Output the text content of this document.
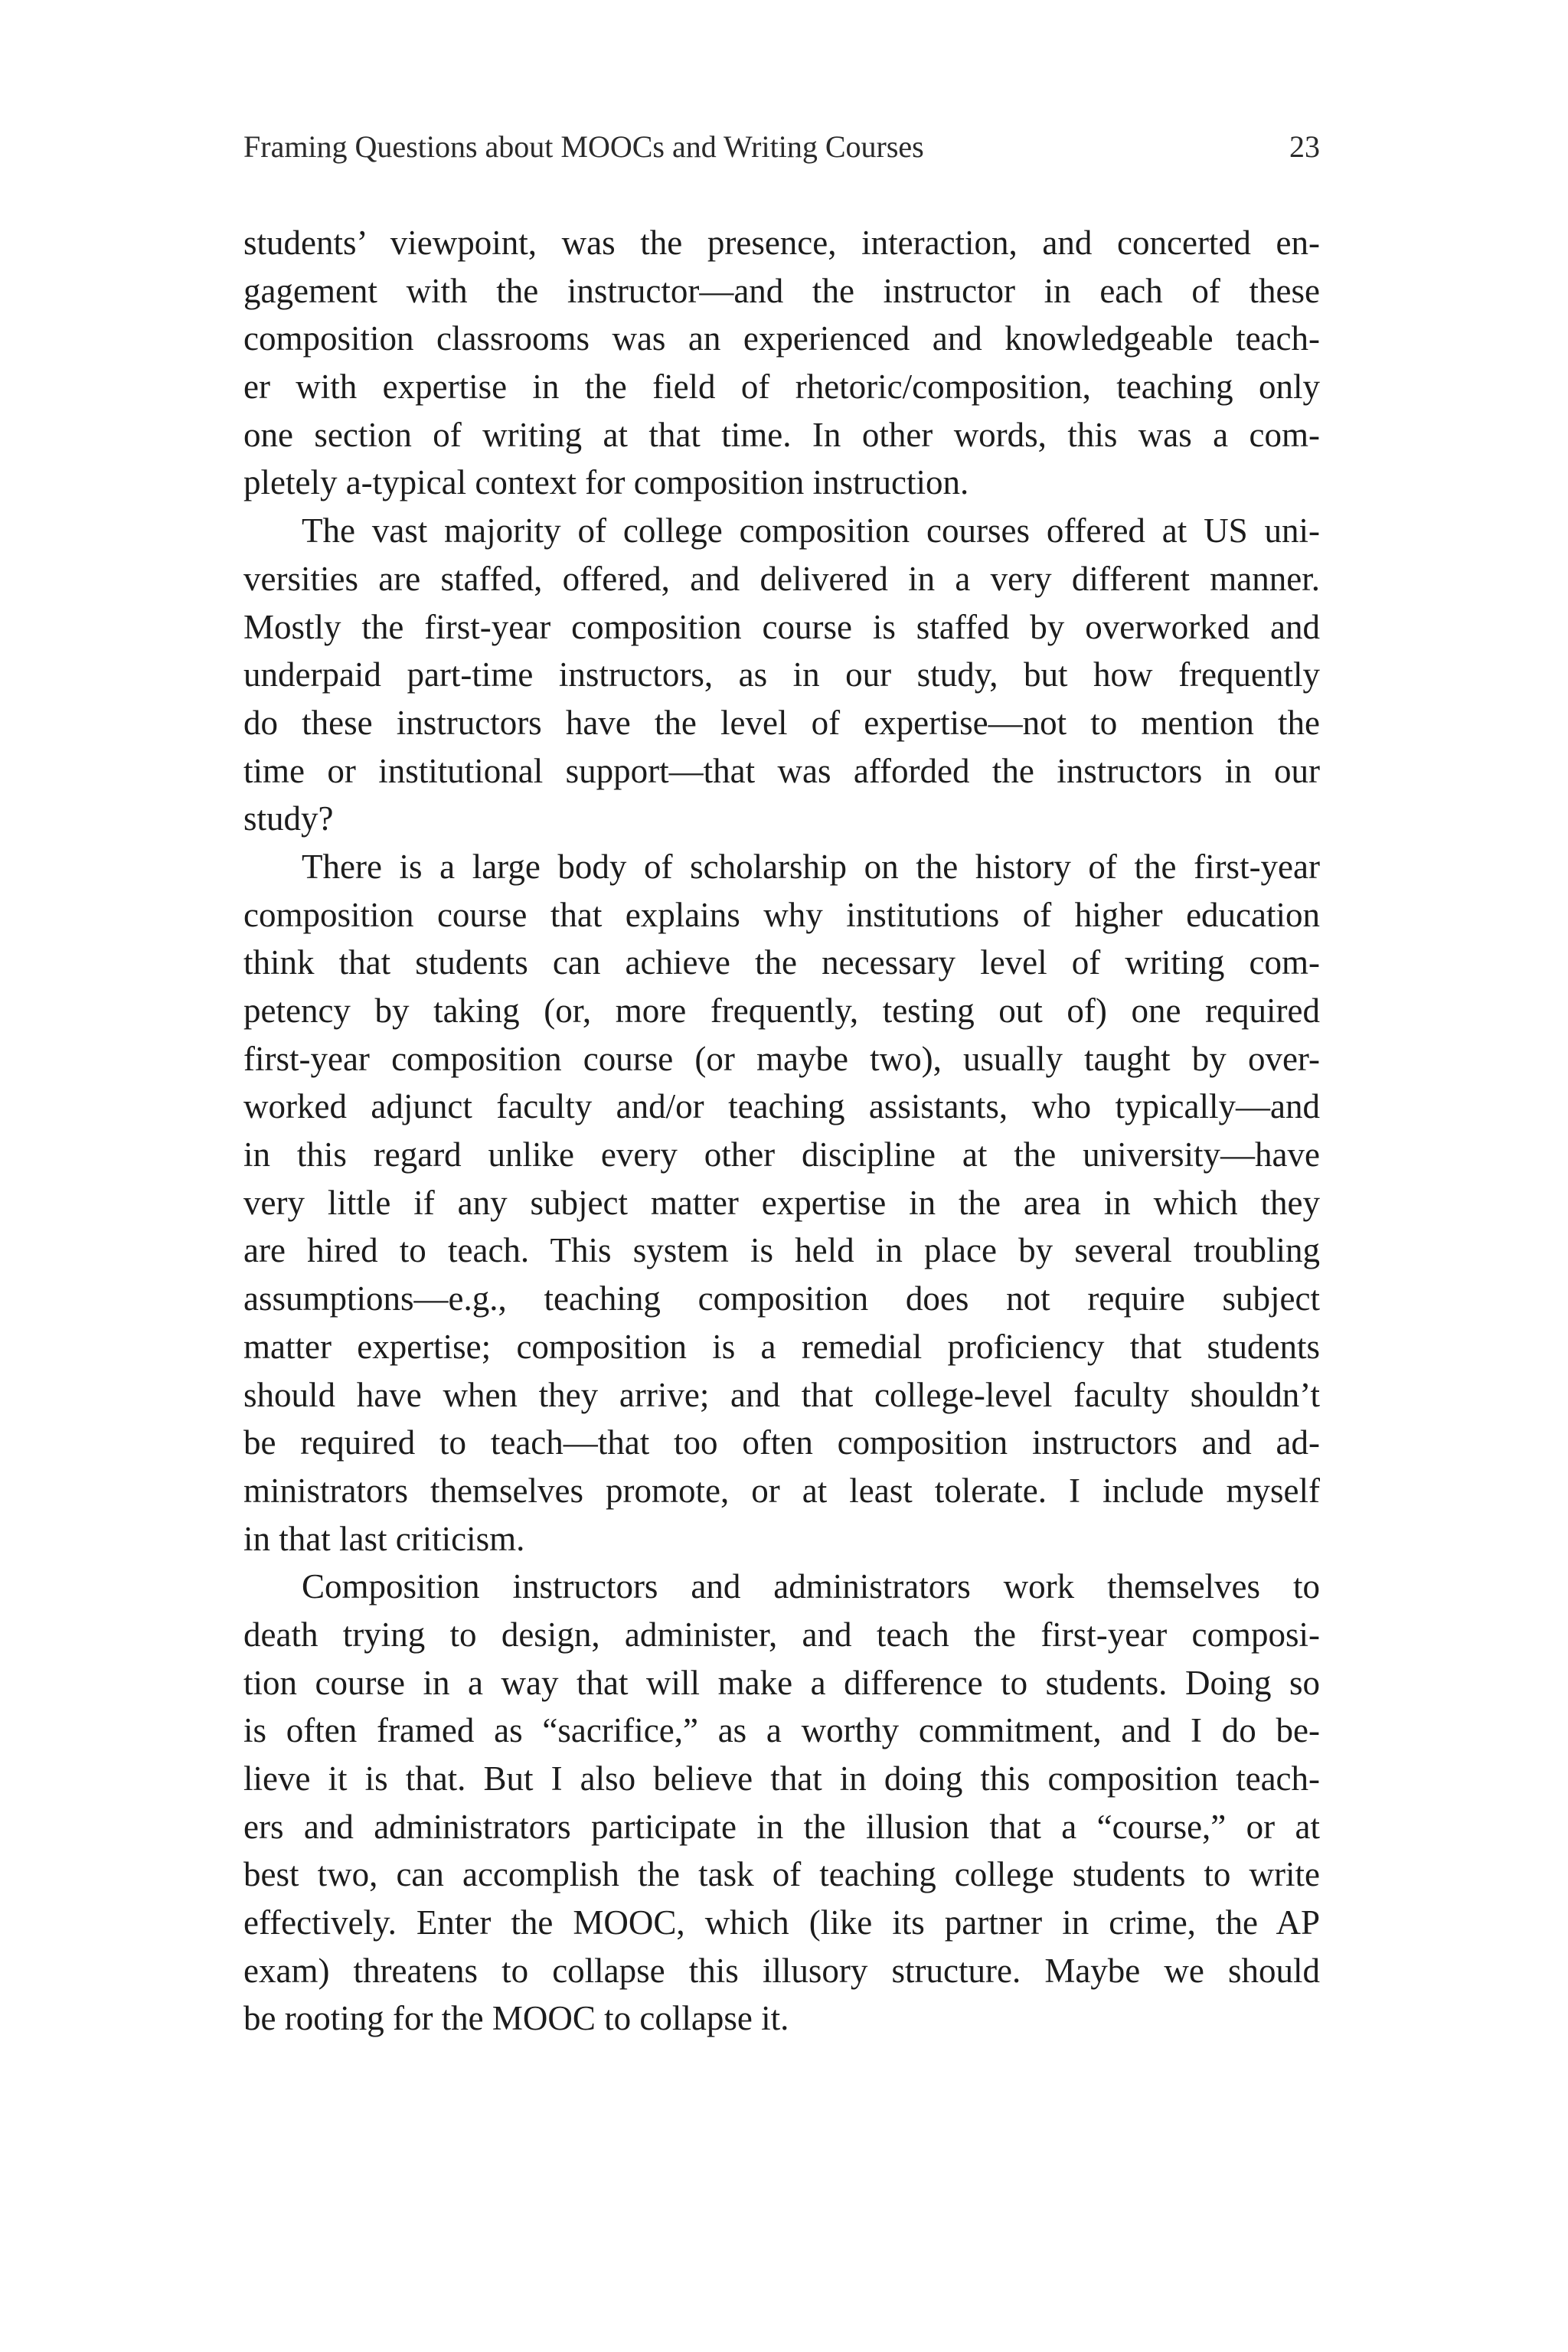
Framing Questions about MOOCs and Writing Courses	23
students’ viewpoint, was the presence, interaction, and concerted en-
gagement with the instructor—and the instructor in each of these
composition classrooms was an experienced and knowledgeable teach-
er with expertise in the field of rhetoric/composition, teaching only
one section of writing at that time. In other words, this was a com-
pletely a-typical context for composition instruction.
The vast majority of college composition courses offered at US uni-
versities are staffed, offered, and delivered in a very different manner.
Mostly the first-year composition course is staffed by overworked and
underpaid part-time instructors, as in our study, but how frequently
do these instructors have the level of expertise—not to mention the
time or institutional support—that was afforded the instructors in our
study?
There is a large body of scholarship on the history of the first-year
composition course that explains why institutions of higher education
think that students can achieve the necessary level of writing com-
petency by taking (or, more frequently, testing out of) one required
first-year composition course (or maybe two), usually taught by over-
worked adjunct faculty and/or teaching assistants, who typically—and
in this regard unlike every other discipline at the university—have
very little if any subject matter expertise in the area in which they
are hired to teach. This system is held in place by several troubling
assumptions—e.g., teaching composition does not require subject
matter expertise; composition is a remedial proficiency that students
should have when they arrive; and that college-level faculty shouldn’t
be required to teach—that too often composition instructors and ad-
ministrators themselves promote, or at least tolerate. I include myself
in that last criticism.
Composition instructors and administrators work themselves to
death trying to design, administer, and teach the first-year composi-
tion course in a way that will make a difference to students. Doing so
is often framed as “sacrifice,” as a worthy commitment, and I do be-
lieve it is that. But I also believe that in doing this composition teach-
ers and administrators participate in the illusion that a “course,” or at
best two, can accomplish the task of teaching college students to write
effectively. Enter the MOOC, which (like its partner in crime, the AP
exam) threatens to collapse this illusory structure. Maybe we should
be rooting for the MOOC to collapse it.
